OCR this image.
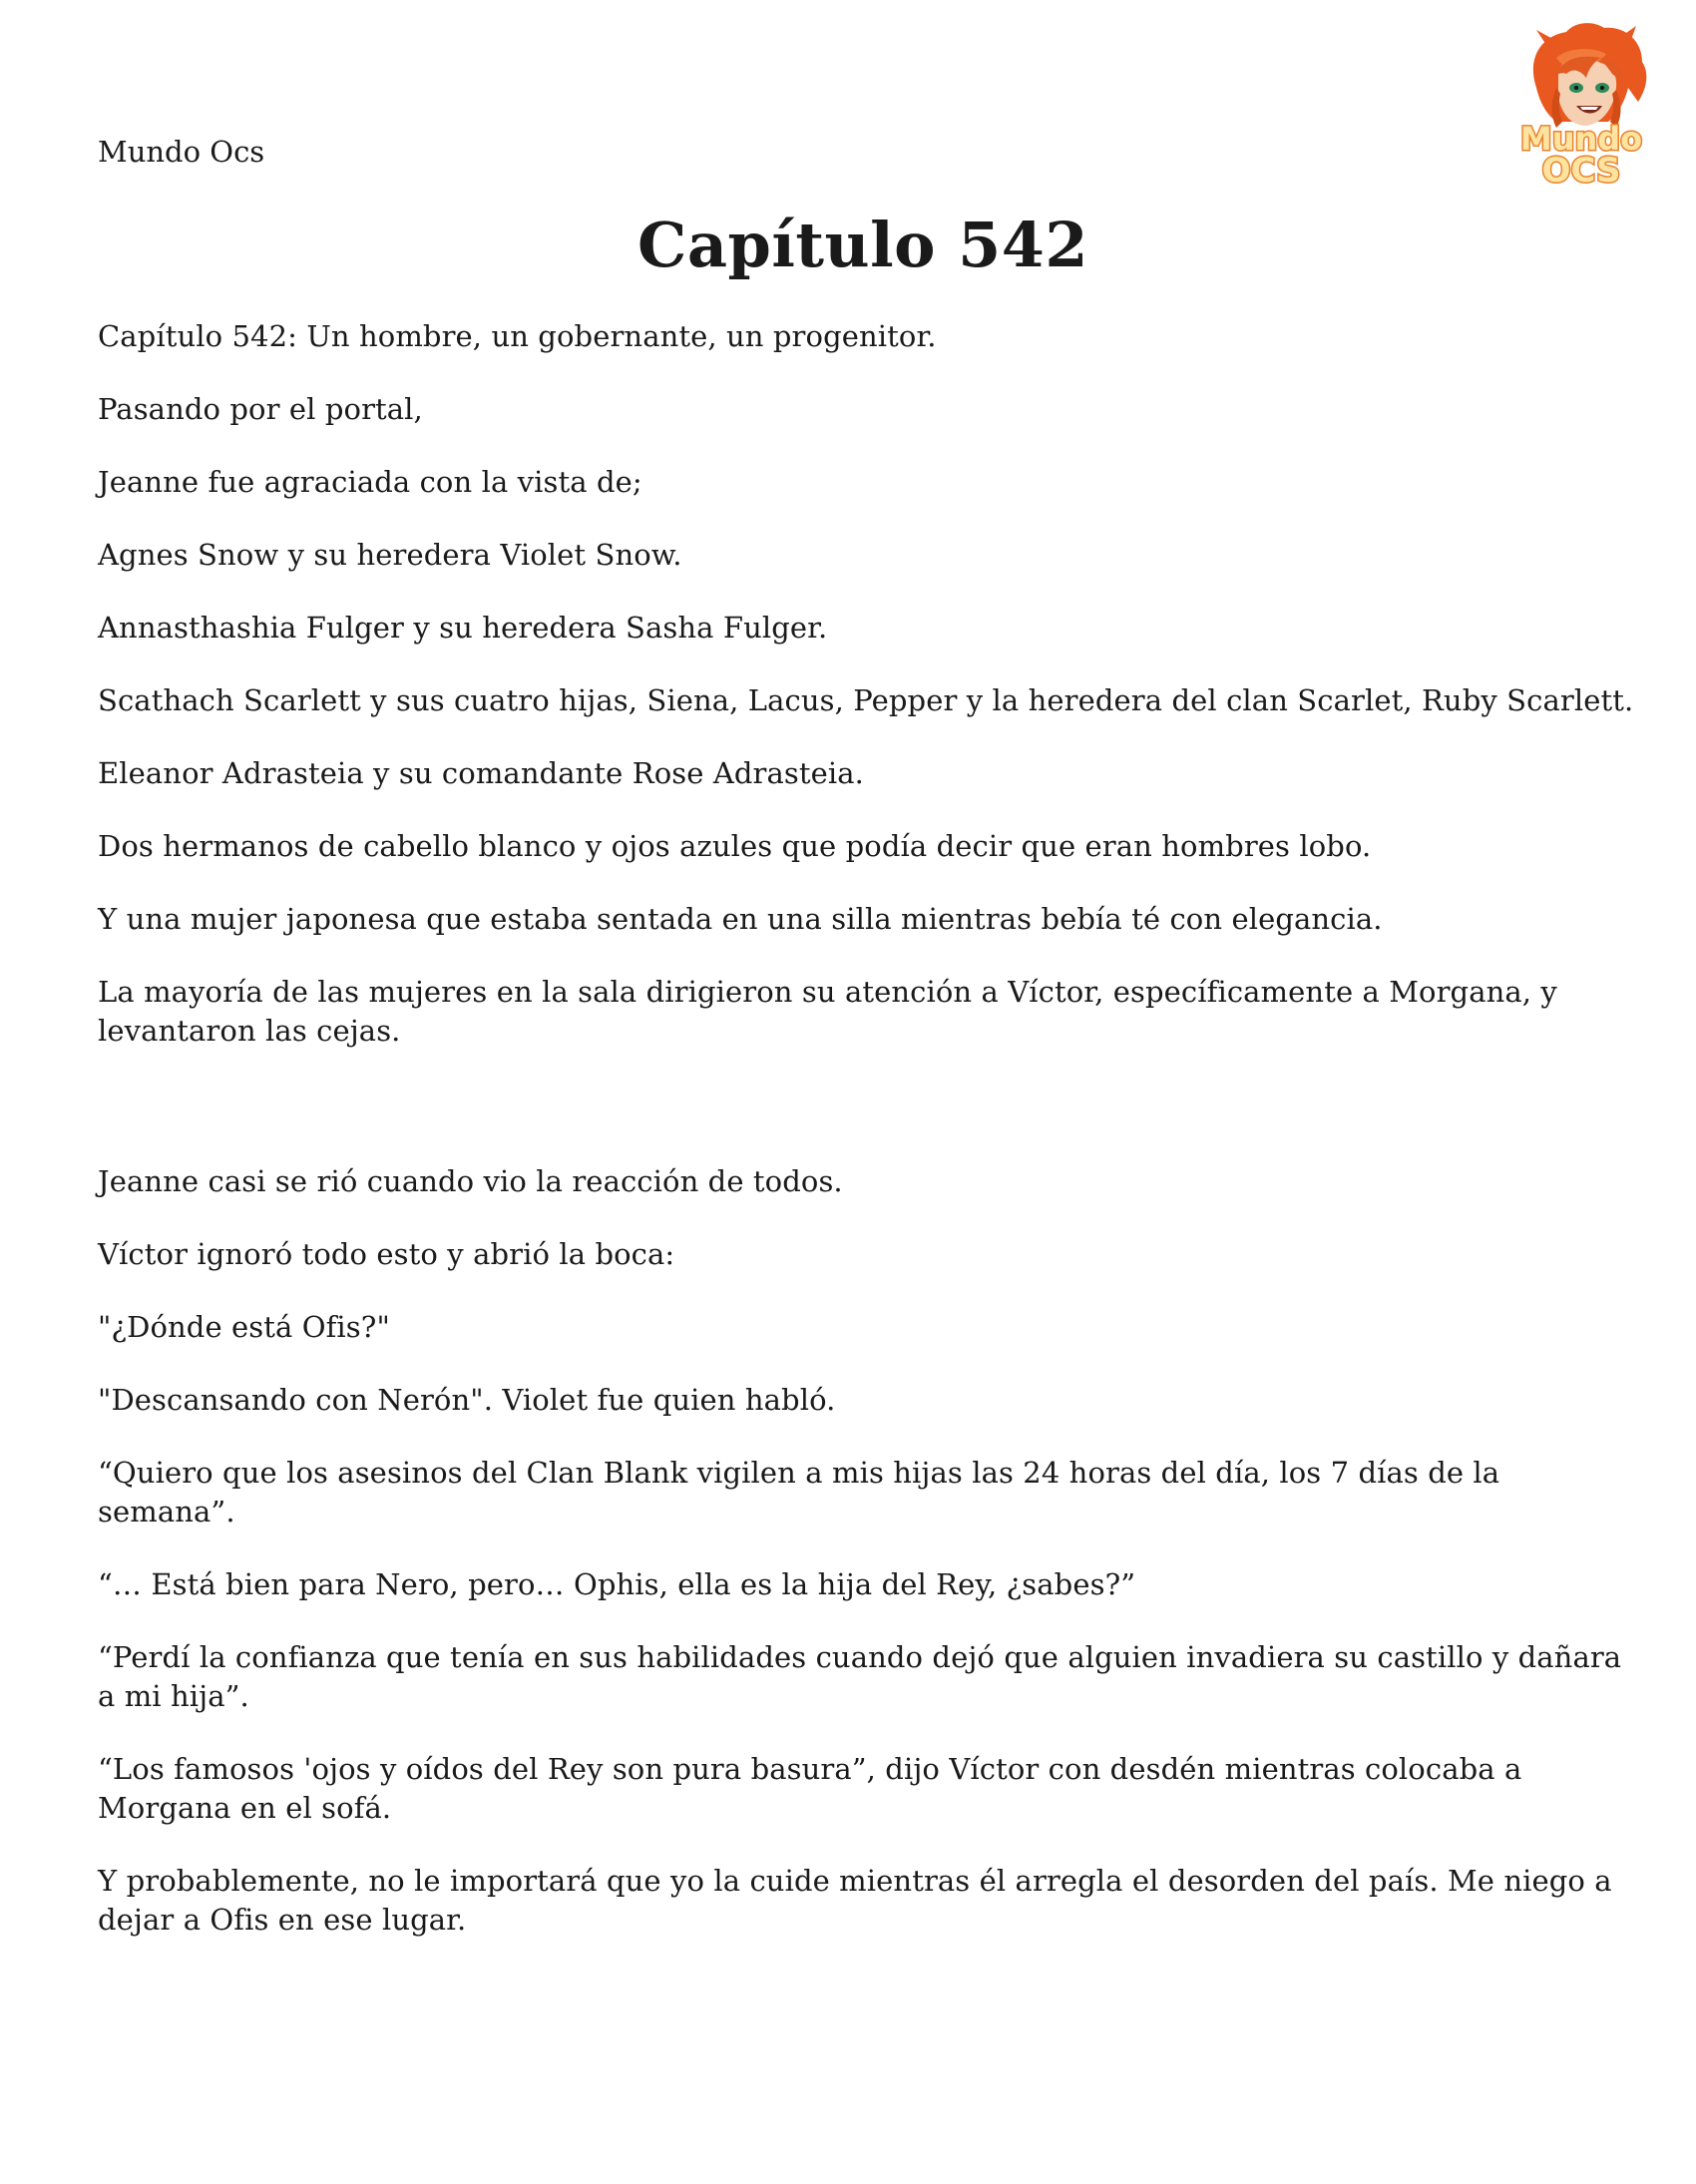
Mundo Ocs	Mundo
OCS
Capítulo 542

Capítulo 542: Un hombre, un gobernante, un progenitor.

Pasando por el portal,

Jeanne fue agraciada con la vista de;

Agnes Snow y su heredera Violet Snow.

Annasthashia Fulger y su heredera Sasha Fulger.

Scathach Scarlett y sus cuatro hijas, Siena, Lacus, Pepper y la heredera del clan Scarlet, Ruby Scarlett.

Eleanor Adrasteia y su comandante Rose Adrasteia.

Dos hermanos de cabello blanco y ojos azules que podía decir que eran hombres lobo.

Y una mujer japonesa que estaba sentada en una silla mientras bebía té con elegancia.

La mayoría de las mujeres en la sala dirigieron su atención a Víctor, específicamente a Morgana, y levantaron las cejas.

Jeanne casi se rió cuando vio la reacción de todos.

Víctor ignoró todo esto y abrió la boca:

"¿Dónde está Ofis?"

"Descansando con Nerón". Violet fue quien habló.

“Quiero que los asesinos del Clan Blank vigilen a mis hijas las 24 horas del día, los 7 días de la semana”.

“… Está bien para Nero, pero… Ophis, ella es la hija del Rey, ¿sabes?”

“Perdí la confianza que tenía en sus habilidades cuando dejó que alguien invadiera su castillo y dañara a mi hija”.

“Los famosos 'ojos y oídos del Rey son pura basura”, dijo Víctor con desdén mientras colocaba a Morgana en el sofá.

Y probablemente, no le importará que yo la cuide mientras él arregla el desorden del país. Me niego a dejar a Ofis en ese lugar.
